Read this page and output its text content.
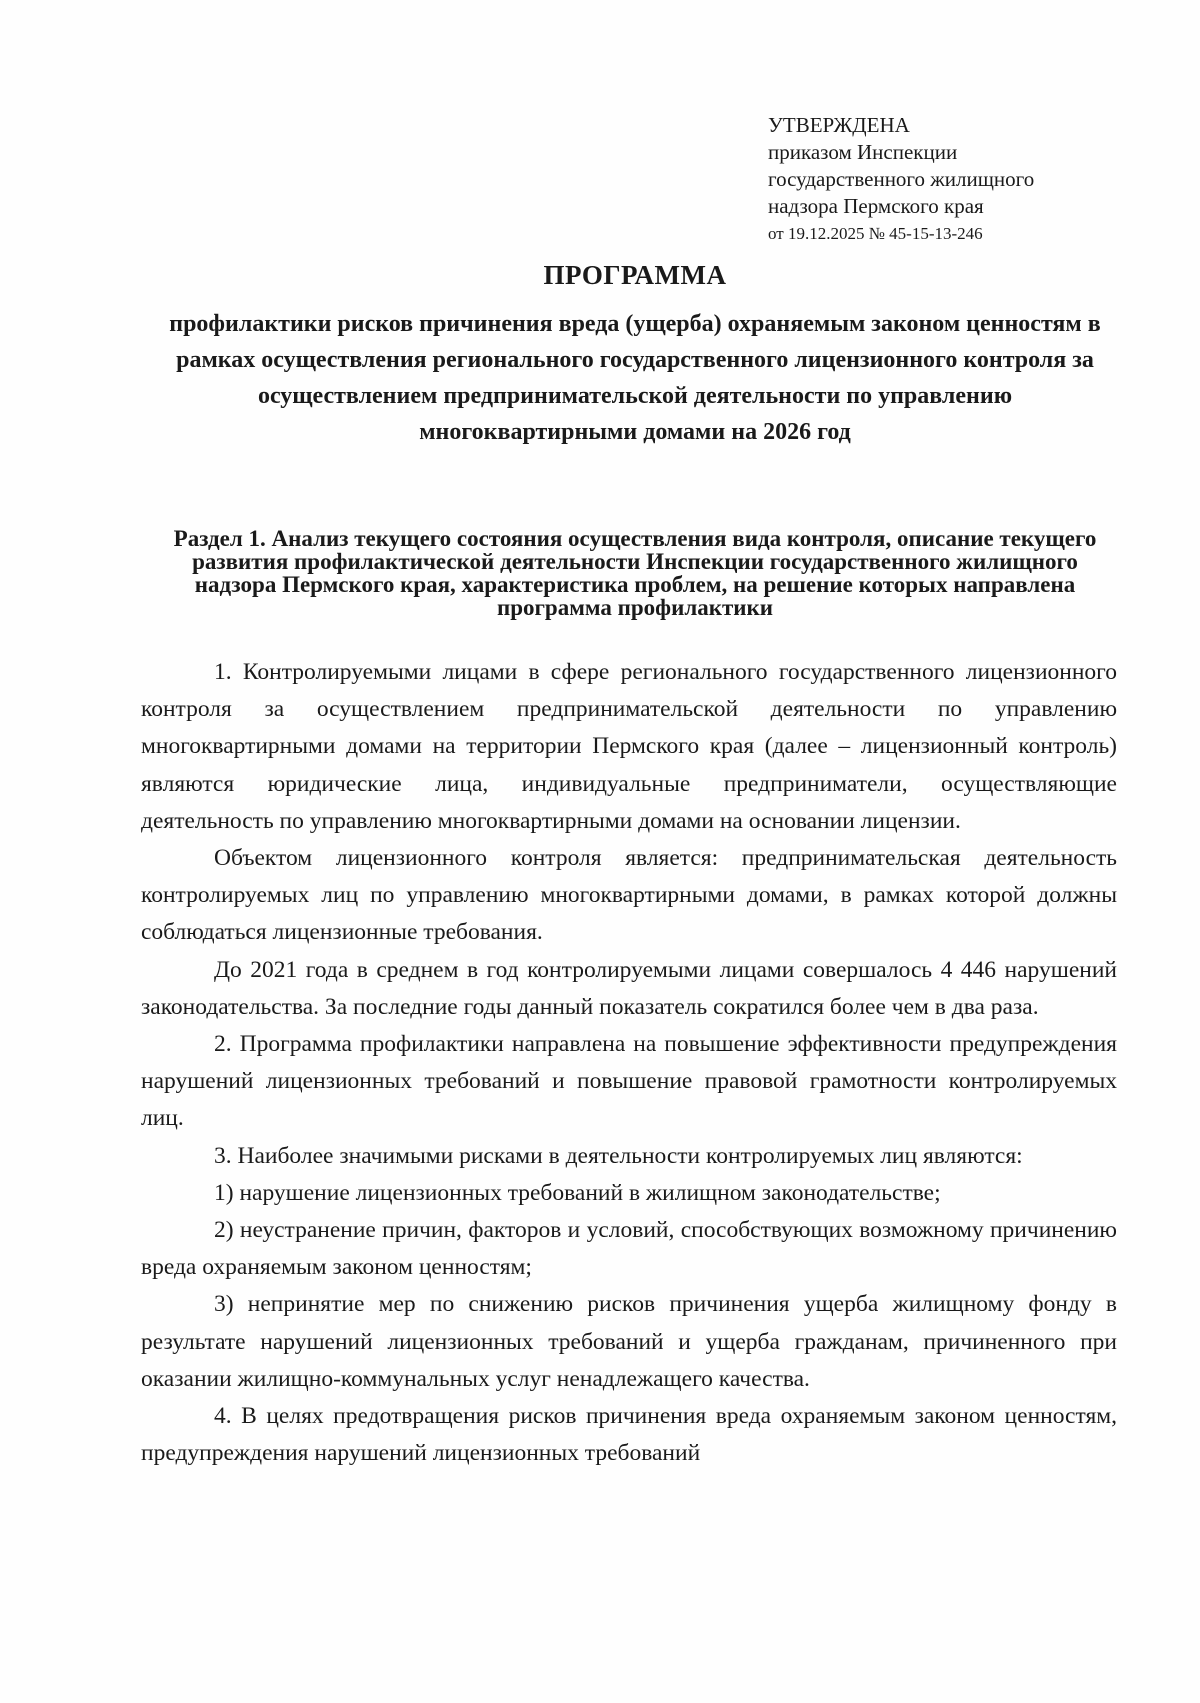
УТВЕРЖДЕНА
приказом Инспекции
государственного жилищного
надзора Пермского края
от 19.12.2025 № 45-15-13-246
ПРОГРАММА
профилактики рисков причинения вреда (ущерба) охраняемым законом ценностям в рамках осуществления регионального государственного лицензионного контроля за осуществлением предпринимательской деятельности по управлению многоквартирными домами на 2026 год
Раздел 1. Анализ текущего состояния осуществления вида контроля, описание текущего развития профилактической деятельности Инспекции государственного жилищного надзора Пермского края, характеристика проблем, на решение которых направлена программа профилактики

1. Контролируемыми лицами в сфере регионального государственного лицензионного контроля за осуществлением предпринимательской деятельности по управлению многоквартирными домами на территории Пермского края (далее – лицензионный контроль) являются юридические лица, индивидуальные предприниматели, осуществляющие деятельность по управлению многоквартирными домами на основании лицензии.

Объектом лицензионного контроля является: предпринимательская деятельность контролируемых лиц по управлению многоквартирными домами, в рамках которой должны соблюдаться лицензионные требования.

До 2021 года в среднем в год контролируемыми лицами совершалось 4 446 нарушений законодательства. За последние годы данный показатель сократился более чем в два раза.

2. Программа профилактики направлена на повышение эффективности предупреждения нарушений лицензионных требований и повышение правовой грамотности контролируемых лиц.

3. Наиболее значимыми рисками в деятельности контролируемых лиц являются:

1) нарушение лицензионных требований в жилищном законодательстве;

2) неустранение причин, факторов и условий, способствующих возможному причинению вреда охраняемым законом ценностям;

3) непринятие мер по снижению рисков причинения ущерба жилищному фонду в результате нарушений лицензионных требований и ущерба гражданам, причиненного при оказании жилищно-коммунальных услуг ненадлежащего качества.

4. В целях предотвращения рисков причинения вреда охраняемым законом ценностям, предупреждения нарушений лицензионных требований
